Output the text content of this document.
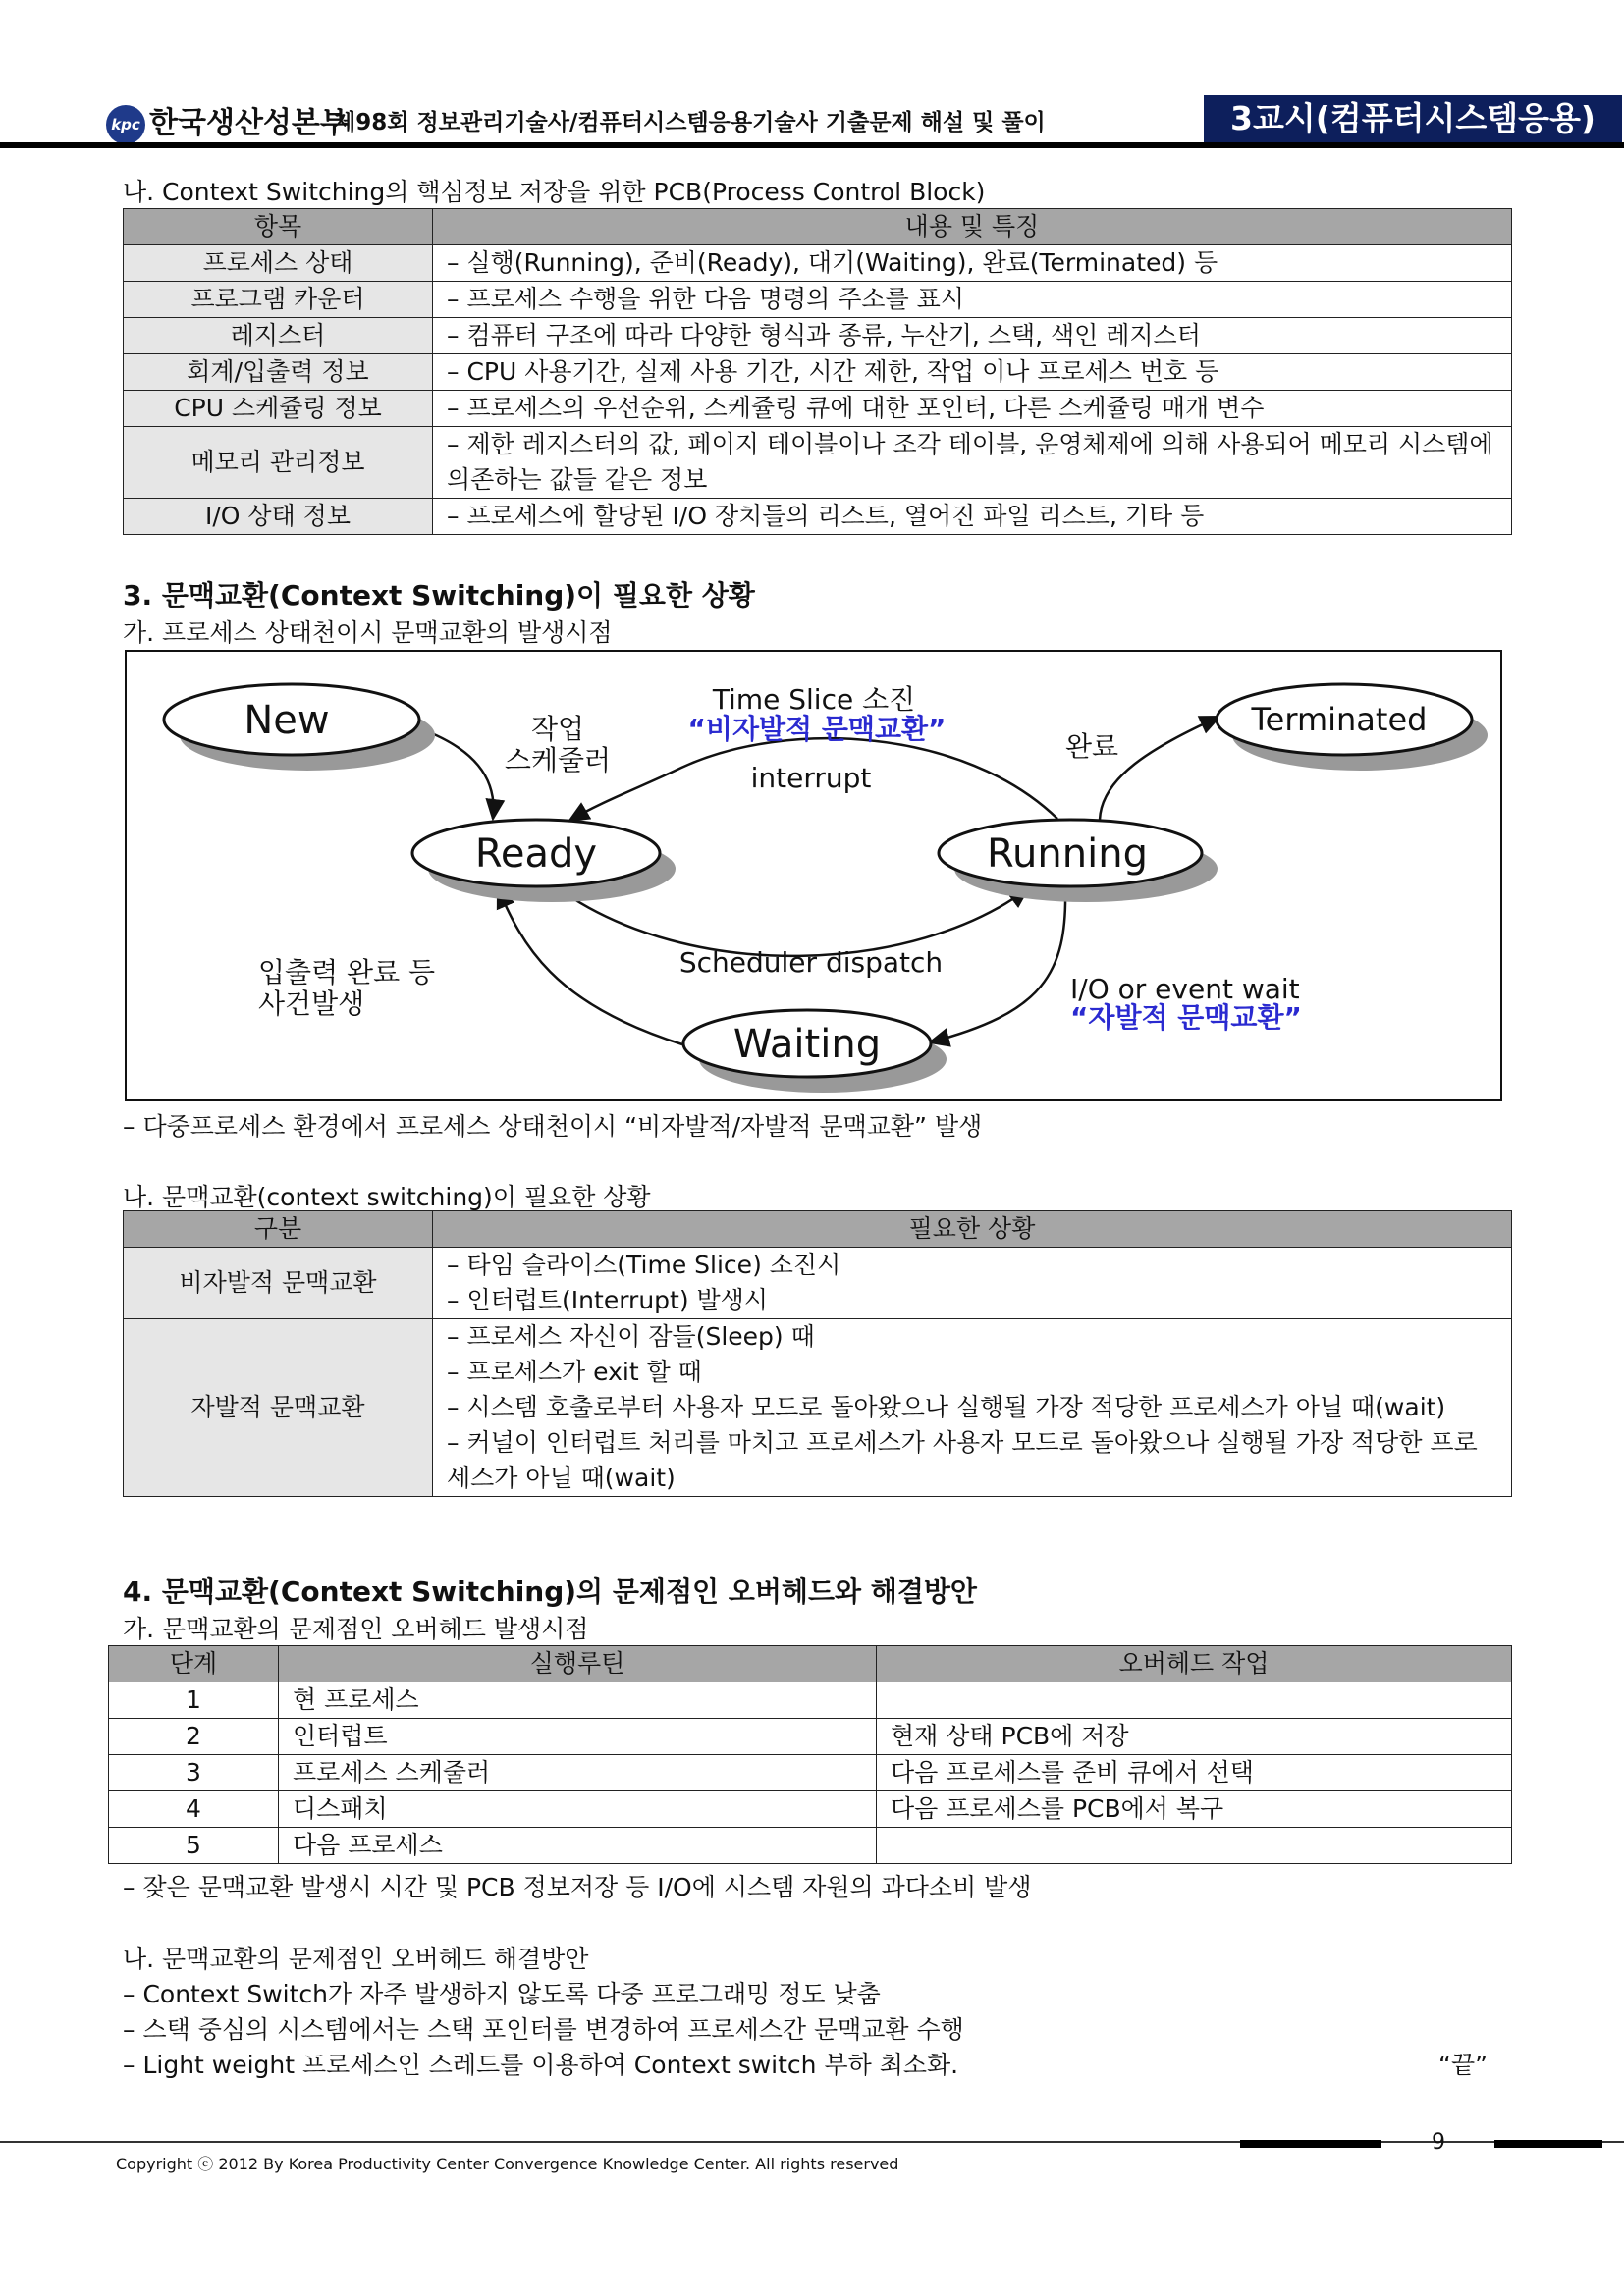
kpc 한국생산성본부
제98회 정보관리기술사/컴퓨터시스템응용기술사 기출문제 해설 및 풀이	3교시(컴퓨터시스템응용)
나. Context Switching의 핵심정보 저장을 위한 PCB(Process Control Block)
항목	내용 및 특징
프로세스 상태	– 실행(Running), 준비(Ready), 대기(Waiting), 완료(Terminated) 등
프로그램 카운터	– 프로세스 수행을 위한 다음 명령의 주소를 표시
레지스터	– 컴퓨터 구조에 따라 다양한 형식과 종류, 누산기, 스택, 색인 레지스터
회계/입출력 정보	– CPU 사용기간, 실제 사용 기간, 시간 제한, 작업 이나 프로세스 번호 등
CPU 스케쥴링 정보	– 프로세스의 우선순위, 스케쥴링 큐에 대한 포인터, 다른 스케쥴링 매개 변수
메모리 관리정보	– 제한 레지스터의 값, 페이지 테이블이나 조각 테이블, 운영체제에 의해 사용되어 메모리 시스템에 의존하는 값들 같은 정보
I/O 상태 정보	– 프로세스에 할당된 I/O 장치들의 리스트, 열어진 파일 리스트, 기타 등
3. 문맥교환(Context Switching)이 필요한 상황
가. 프로세스 상태천이시 문맥교환의 발생시점
New
Ready	Running
Terminated
Waiting
Time Slice 소진
“비자발적 문맥교환”
작업
스케줄러
interrupt
완료
Scheduler dispatch
입출력 완료 등
사건발생	I/O or event wait
“자발적 문맥교환”
– 다중프로세스 환경에서 프로세스 상태천이시 “비자발적/자발적 문맥교환” 발생
나. 문맥교환(context switching)이 필요한 상황
구분	필요한 상황
비자발적 문맥교환	– 타임 슬라이스(Time Slice) 소진시
– 인터럽트(Interrupt) 발생시

자발적 문맥교환	– 프로세스 자신이 잠들(Sleep) 때
– 프로세스가 exit 할 때
– 시스템 호출로부터 사용자 모드로 돌아왔으나 실행될 가장 적당한 프로세스가 아닐 때(wait)
– 커널이 인터럽트 처리를 마치고 프로세스가 사용자 모드로 돌아왔으나 실행될 가장 적당한 프로세스가 아닐 때(wait)
4. 문맥교환(Context Switching)의 문제점인 오버헤드와 해결방안
가. 문맥교환의 문제점인 오버헤드 발생시점
단계	실행루틴	오버헤드 작업
1	현 프로세스	
2	인터럽트	현재 상태 PCB에 저장
3	프로세스 스케줄러	다음 프로세스를 준비 큐에서 선택
4	디스패치	다음 프로세스를 PCB에서 복구
5	다음 프로세스	
– 잦은 문맥교환 발생시 시간 및 PCB 정보저장 등 I/O에 시스템 자원의 과다소비 발생
나. 문맥교환의 문제점인 오버헤드 해결방안
– Context Switch가 자주 발생하지 않도록 다중 프로그래밍 정도 낮춤
– 스택 중심의 시스템에서는 스택 포인터를 변경하여 프로세스간 문맥교환 수행
– Light weight 프로세스인 스레드를 이용하여 Context switch 부하 최소화.	“끝”
9
Copyright ⓒ 2012 By Korea Productivity Center Convergence Knowledge Center. All rights reserved
